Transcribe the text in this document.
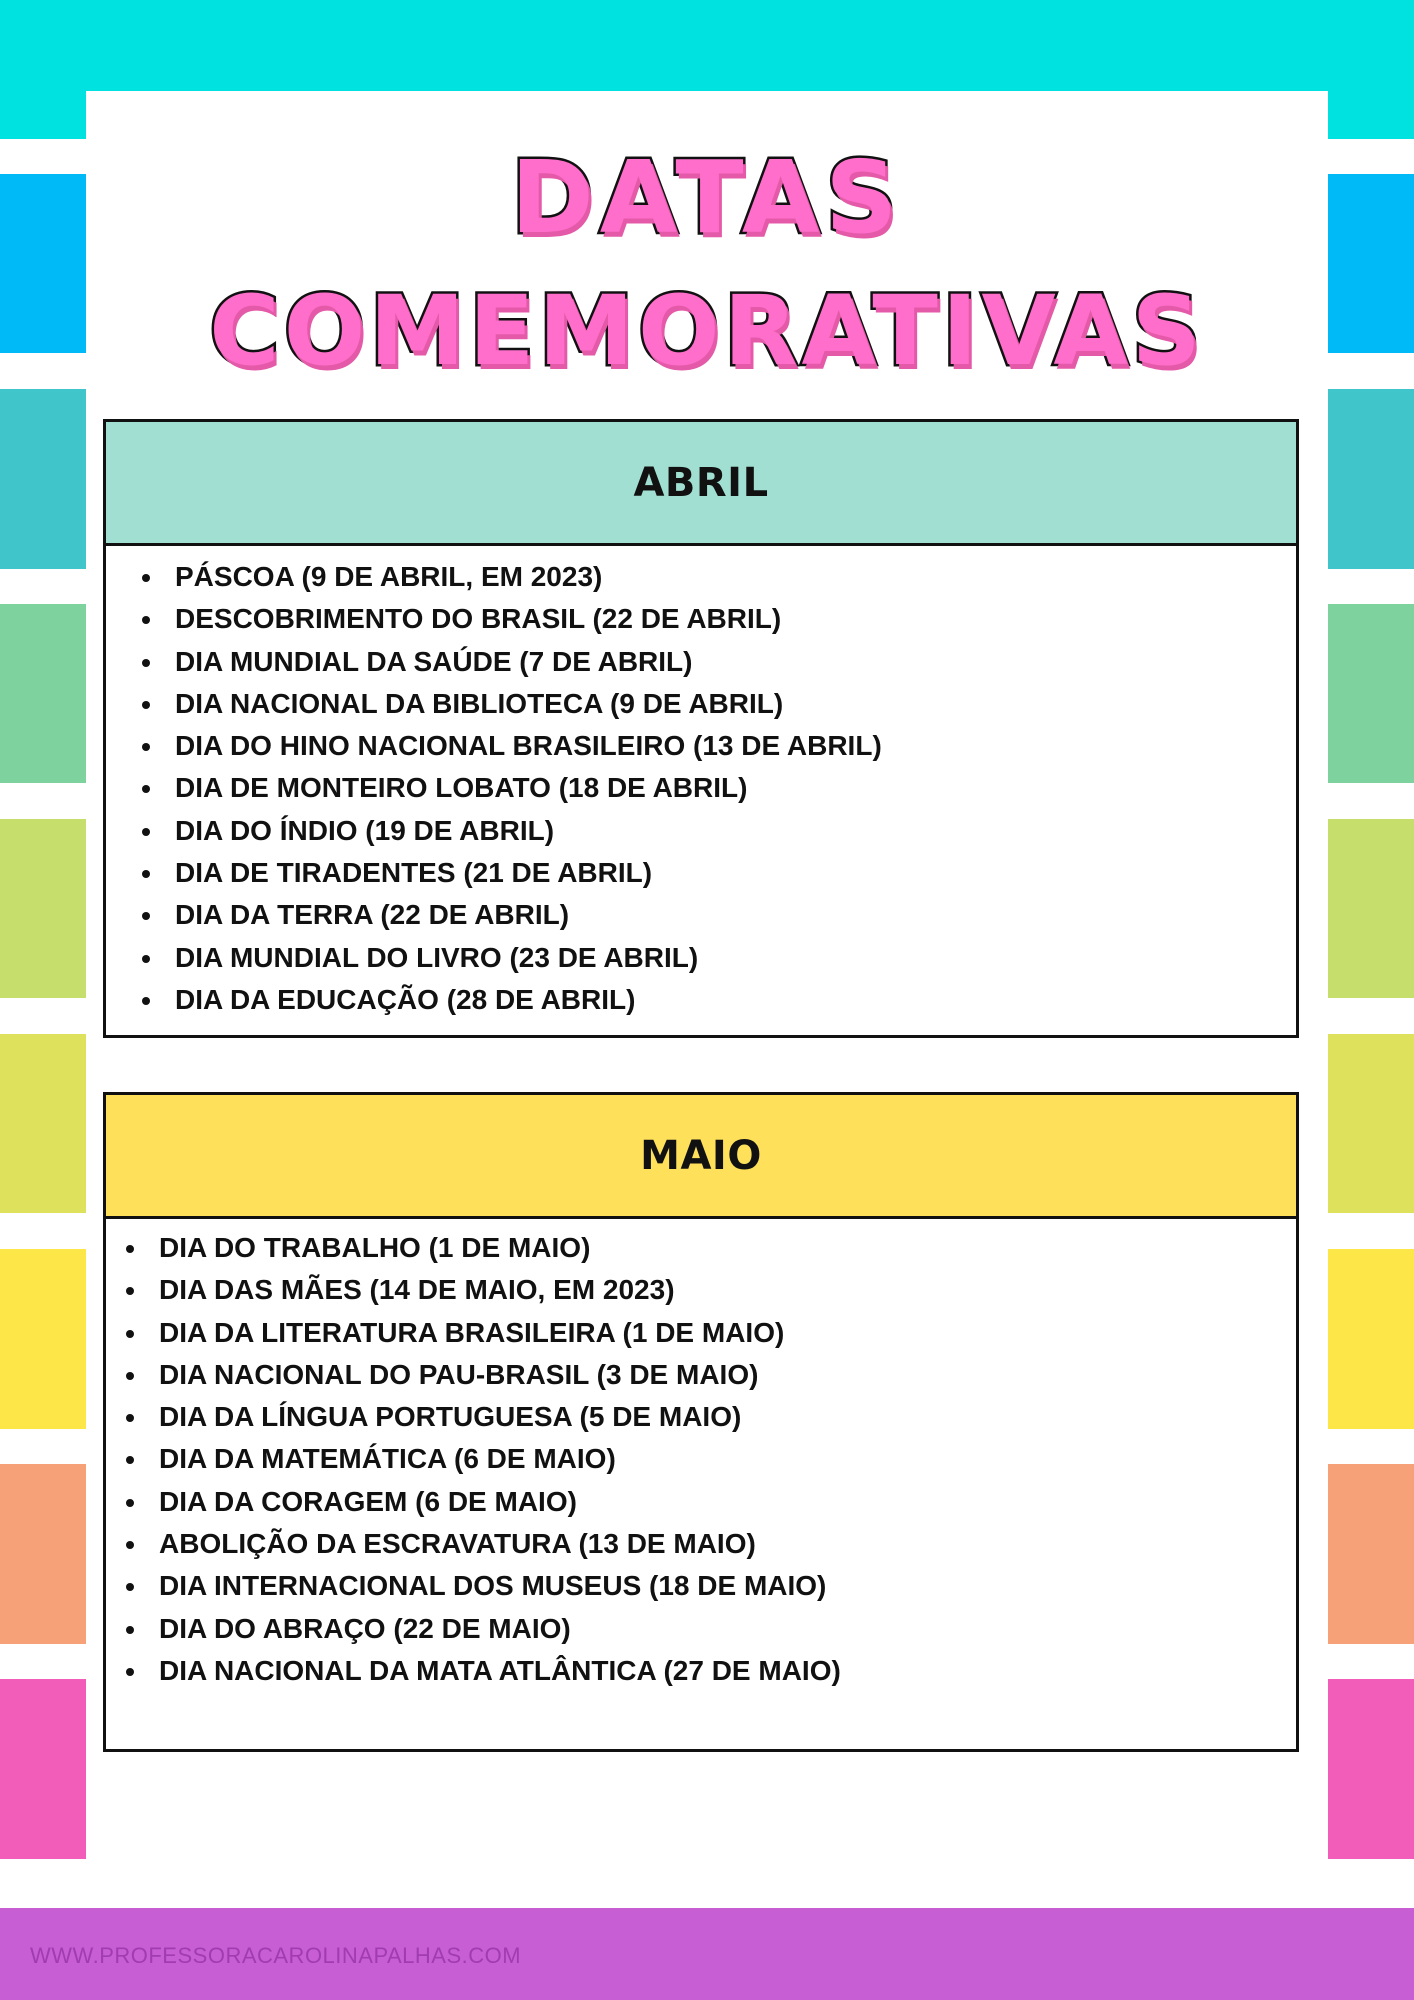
WWW.PROFESSORACAROLINAPALHAS.COM
DATAS
COMEMORATIVAS
ABRIL
PÁSCOA (9 DE ABRIL, EM 2023)
DESCOBRIMENTO DO BRASIL (22 DE ABRIL)
DIA MUNDIAL DA SAÚDE (7 DE ABRIL)
DIA NACIONAL DA BIBLIOTECA (9 DE ABRIL)
DIA DO HINO NACIONAL BRASILEIRO (13 DE ABRIL)
DIA DE MONTEIRO LOBATO (18 DE ABRIL)
DIA DO ÍNDIO (19 DE ABRIL)
DIA DE TIRADENTES (21 DE ABRIL)
DIA DA TERRA (22 DE ABRIL)
DIA MUNDIAL DO LIVRO (23 DE ABRIL)
DIA DA EDUCAÇÃO (28 DE ABRIL)
MAIO
DIA DO TRABALHO (1 DE MAIO)
DIA DAS MÃES (14 DE MAIO, EM 2023)
DIA DA LITERATURA BRASILEIRA (1 DE MAIO)
DIA NACIONAL DO PAU-BRASIL (3 DE MAIO)
DIA DA LÍNGUA PORTUGUESA (5 DE MAIO)
DIA DA MATEMÁTICA (6 DE MAIO)
DIA DA CORAGEM (6 DE MAIO)
ABOLIÇÃO DA ESCRAVATURA (13 DE MAIO)
DIA INTERNACIONAL DOS MUSEUS (18 DE MAIO)
DIA DO ABRAÇO (22 DE MAIO)
DIA NACIONAL DA MATA ATLÂNTICA (27 DE MAIO)
